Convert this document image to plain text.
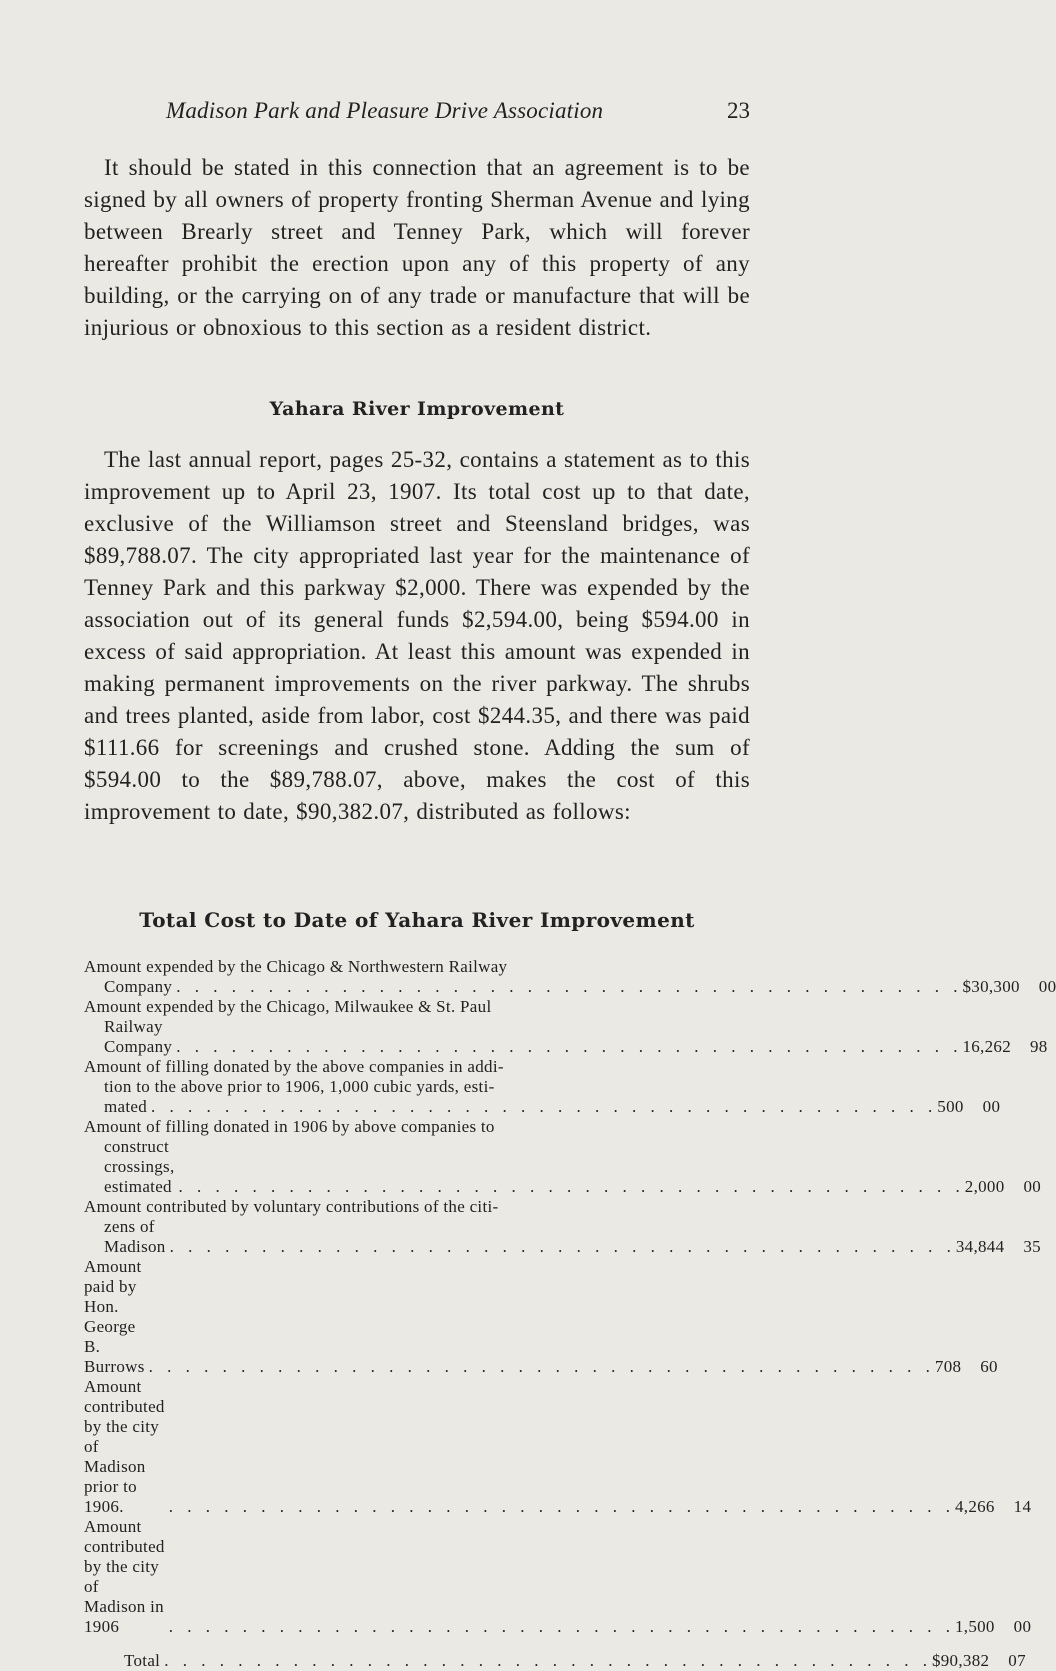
Madison Park and Pleasure Drive Association	23

It should be stated in this connection that an agreement is to be signed by all owners of property fronting Sherman Avenue and lying between Brearly street and Tenney Park, which will forever hereafter prohibit the erection upon any of this property of any building, or the carrying on of any trade or manufacture that will be injurious or obnoxious to this section as a resident district.

Yahara River Improvement

The last annual report, pages 25-32, contains a statement as to this improvement up to April 23, 1907. Its total cost up to that date, exclusive of the Williamson street and Steensland bridges, was $89,788.07. The city appropriated last year for the maintenance of Tenney Park and this parkway $2,000. There was expended by the association out of its general funds $2,594.00, being $594.00 in excess of said appropriation. At least this amount was expended in making permanent improvements on the river parkway. The shrubs and trees planted, aside from labor, cost $244.35, and there was paid $111.66 for screenings and crushed stone. Adding the sum of $594.00 to the $89,788.07, above, makes the cost of this improvement to date, $90,382.07, distributed as follows:

Total Cost to Date of Yahara River Improvement
Amount expended by the Chicago & Northwestern Railway
Company . . . . . . . . . . . . . . . . . . . . . . . . . . . . . . . . . . . . . . . . . . . $30,300 00
Amount expended by the Chicago, Milwaukee & St. Paul
Railway Company . . . . . . . . . . . . . . . . . . . . . . . . . . . . . . . . . . . . . . . . . . . 16,262 98
Amount of filling donated by the above companies in addi-
tion to the above prior to 1906, 1,000 cubic yards, esti-
mated . . . . . . . . . . . . . . . . . . . . . . . . . . . . . . . . . . . . . . . . . . . 500 00
Amount of filling donated in 1906 by above companies to
construct crossings, estimated . . . . . . . . . . . . . . . . . . . . . . . . . . . . . . . . . . . . . . . . . . . 2,000 00
Amount contributed by voluntary contributions of the citi-
zens of Madison . . . . . . . . . . . . . . . . . . . . . . . . . . . . . . . . . . . . . . . . . . . 34,844 35
Amount paid by Hon. George B. Burrows . . . . . . . . . . . . . . . . . . . . . . . . . . . . . . . . . . . . . . . . . . . 708 60
Amount contributed by the city of Madison prior to 1906.	. . . . . . . . . . . . . . . . . . . . . . . . . . . . . . . . . . . . . . . . . . . 4,266 14
Amount contributed by the city of Madison in 1906	. . . . . . . . . . . . . . . . . . . . . . . . . . . . . . . . . . . . . . . . . . . 1,500 00
Total . . . . . . . . . . . . . . . . . . . . . . . . . . . . . . . . . . . . . . . . . . $90,382 07
